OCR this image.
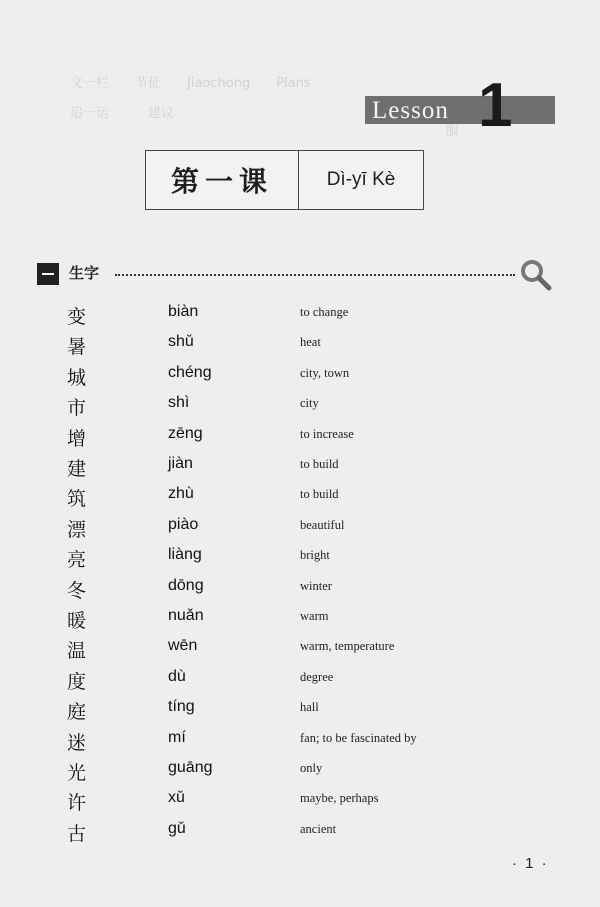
文一栏　　节征　　Jiaochong　　Plans
追一运　　　建议
　　服
Lesson 1
第一课	Dì-yī Kè
生字
变	biàn	to change
暑	shǔ	heat
城	chéng	city, town
市	shì	city
增	zēng	to increase
建	jiàn	to build
筑	zhù	to build
漂	piào	beautiful
亮	liàng	bright
冬	dōng	winter
暖	nuǎn	warm
温	wēn	warm, temperature
度	dù	degree
庭	tíng	hall
迷	mí	fan; to be fascinated by
光	guāng	only
许	xǔ	maybe, perhaps
古	gǔ	ancient
· 1 ·
